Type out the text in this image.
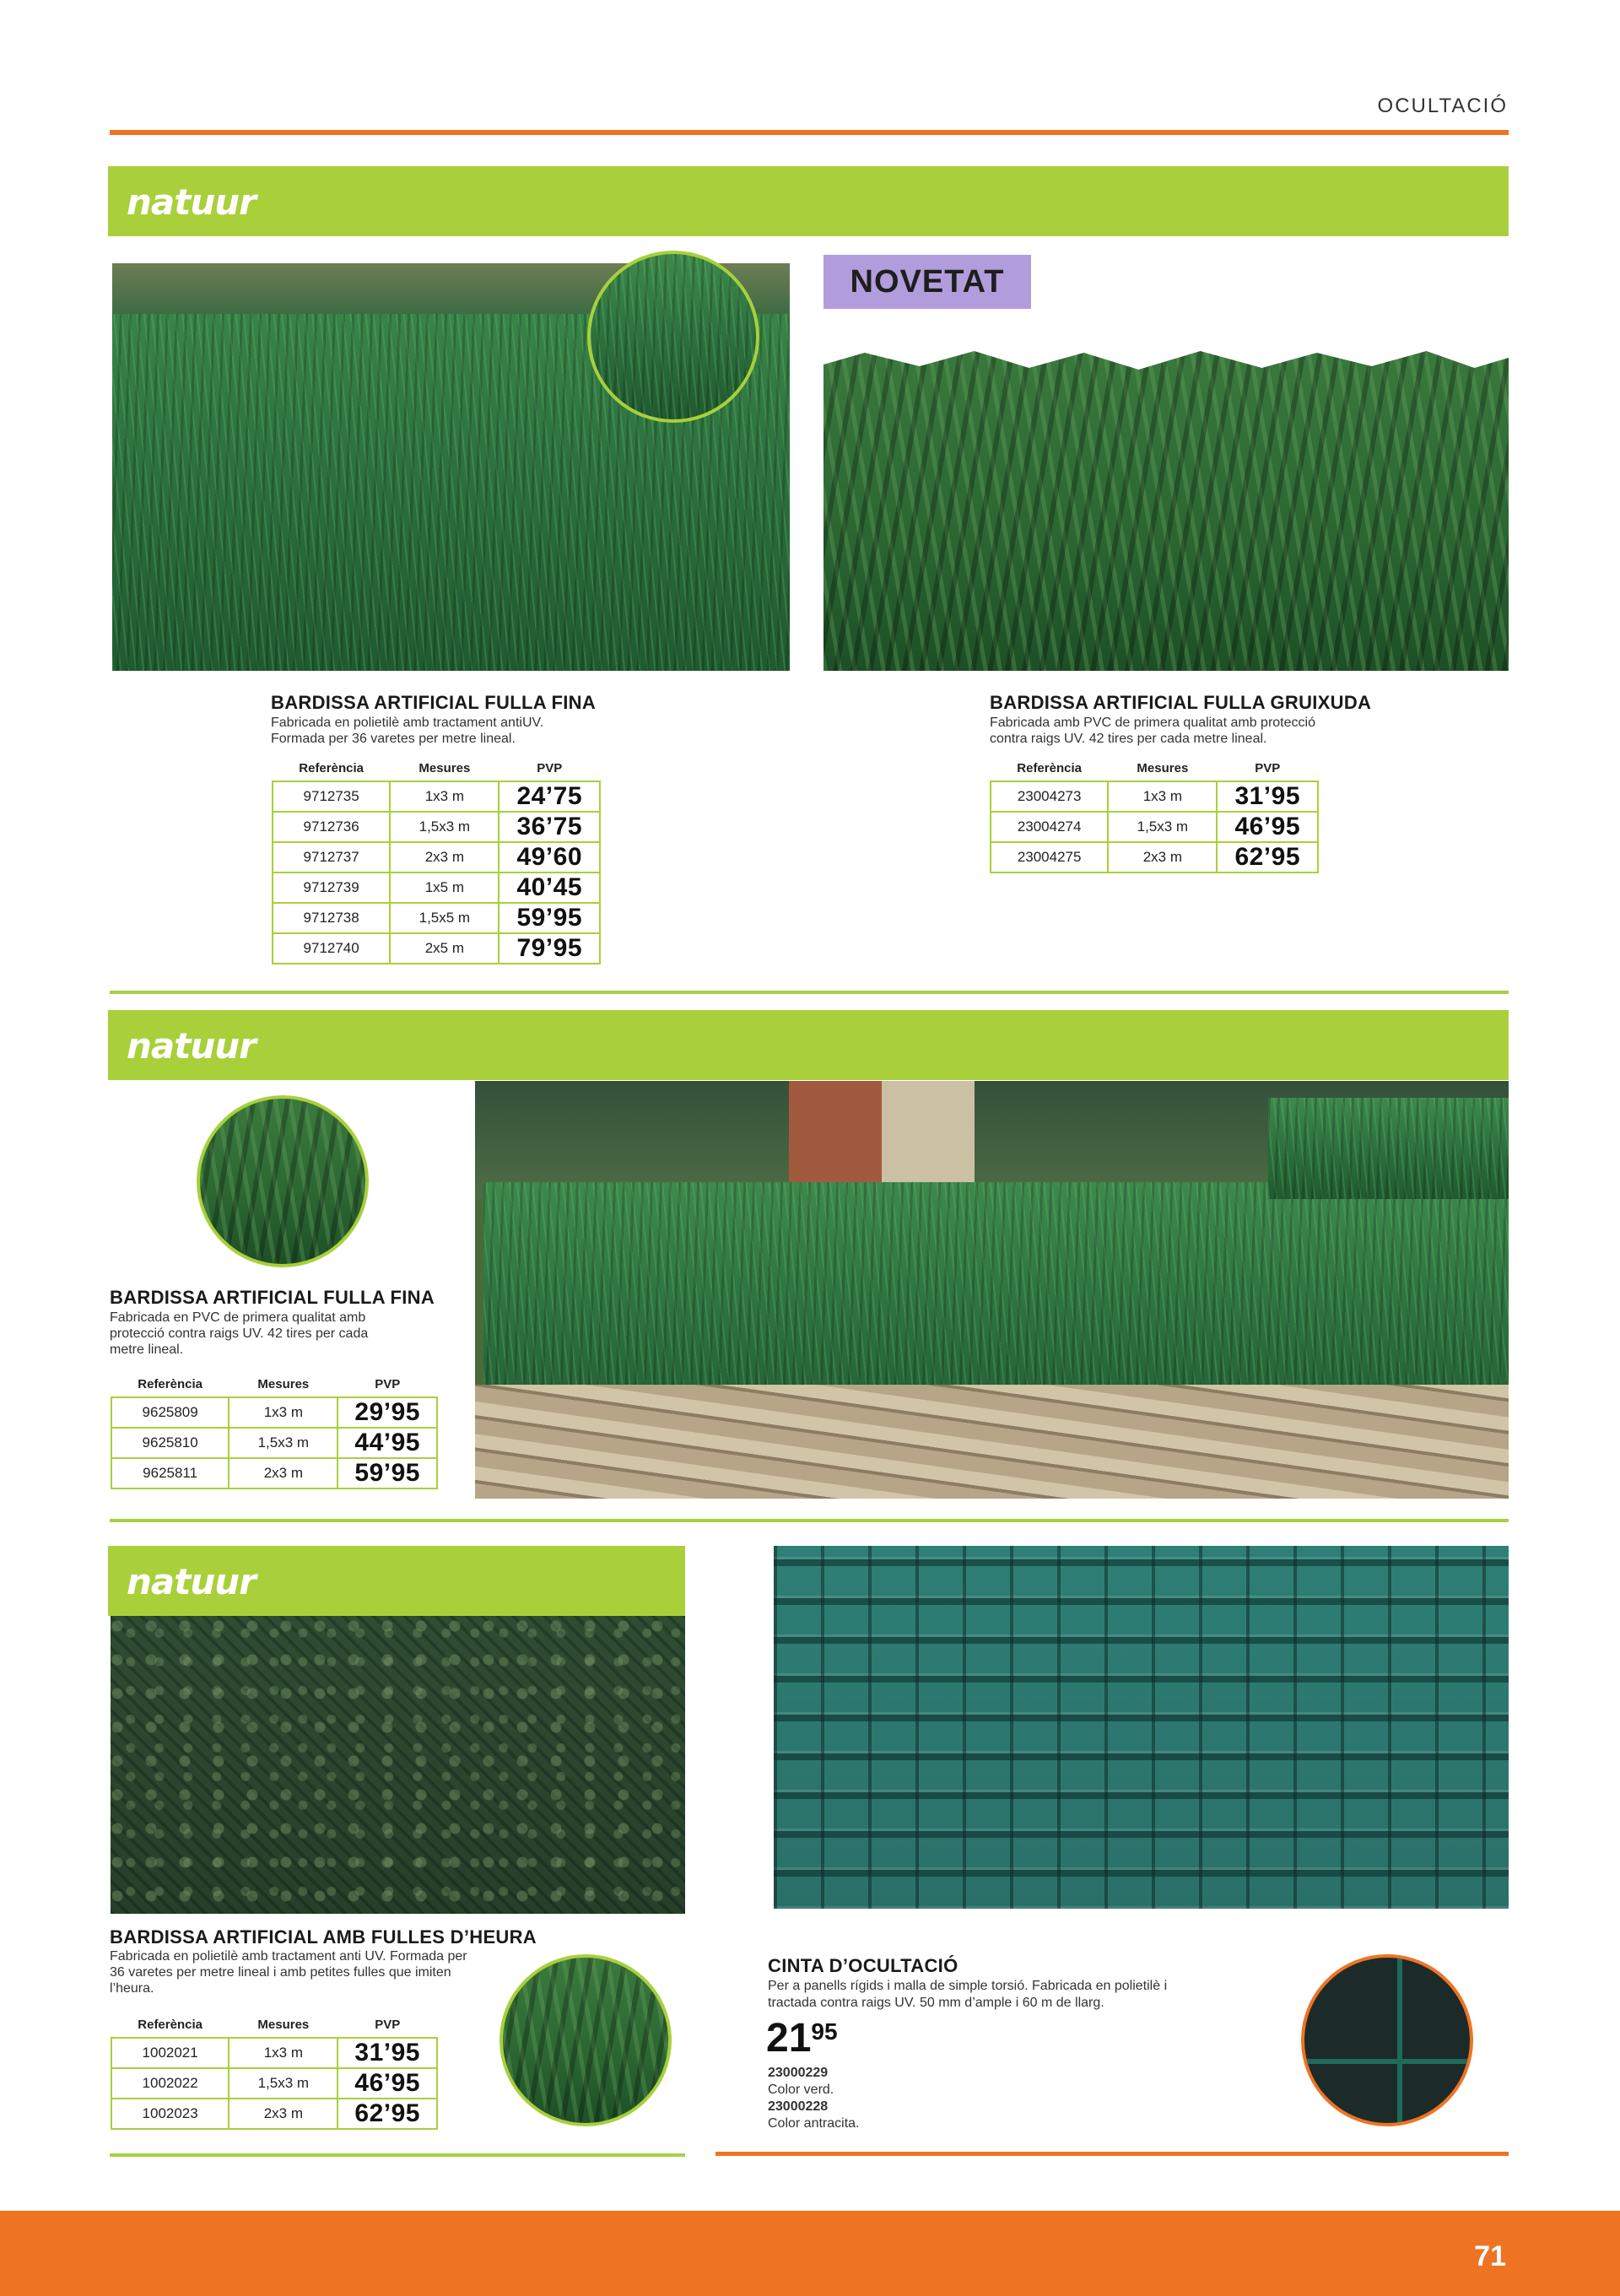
OCULTACIÓ
natuur
NOVETAT
BARDISSA ARTIFICIAL FULLA FINA
Fabricada en polietilè amb tractament antiUV.
Formada per 36 varetes per metre lineal.
Referència	Mesures	PVP
9712735	1x3 m	24’75
9712736	1,5x3 m	36’75
9712737	2x3 m	49’60
9712739	1x5 m	40’45
9712738	1,5x5 m	59’95
9712740	2x5 m	79’95
BARDISSA ARTIFICIAL FULLA GRUIXUDA
Fabricada amb PVC de primera qualitat amb protecció
contra raigs UV. 42 tires per cada metre lineal.
Referència	Mesures	PVP
23004273	1x3 m	31’95
23004274	1,5x3 m	46’95
23004275	2x3 m	62’95
natuur
BARDISSA ARTIFICIAL FULLA FINA
Fabricada en PVC de primera qualitat amb
protecció contra raigs UV. 42 tires per cada
metre lineal.
Referència	Mesures	PVP
9625809	1x3 m	29’95
9625810	1,5x3 m	44’95
9625811	2x3 m	59’95
natuur
BARDISSA ARTIFICIAL AMB FULLES D’HEURA
Fabricada en polietilè amb tractament anti UV. Formada per
36 varetes per metre lineal i amb petites fulles que imiten
l’heura.
Referència	Mesures	PVP
1002021	1x3 m	31’95
1002022	1,5x3 m	46’95
1002023	2x3 m	62’95
CINTA D’OCULTACIÓ
Per a panells rígids i malla de simple torsió. Fabricada en polietilè i
tractada contra raigs UV. 50 mm d’ample i 60 m de llarg.
$21^{95}$
23000229
Color verd.
23000228
Color antracita.
71
